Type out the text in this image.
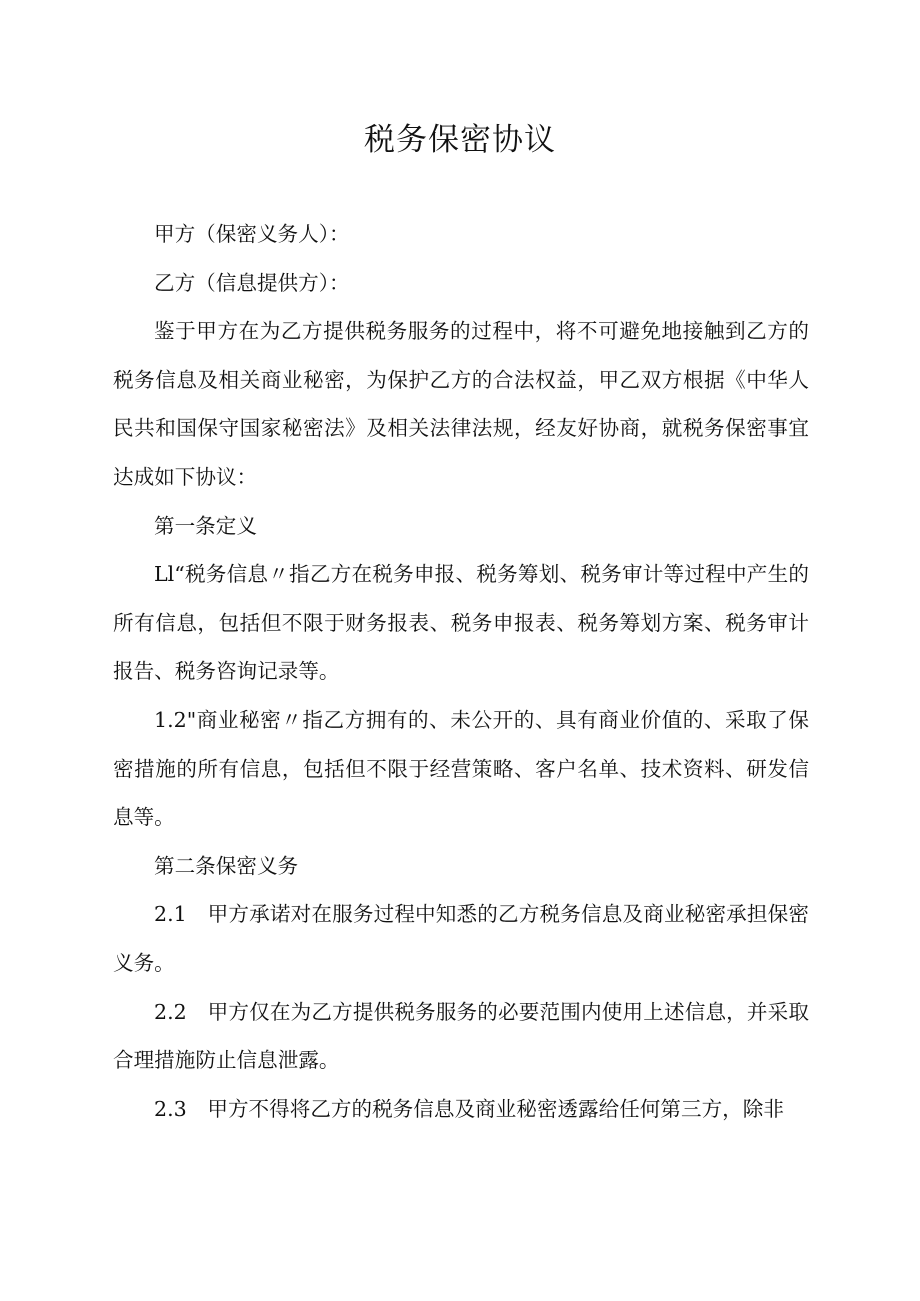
税务保密协议

甲方（保密义务人）：

乙方（信息提供方）：

鉴于甲方在为乙方提供税务服务的过程中，将不可避免地接触到乙方的税务信息及相关商业秘密，为保护乙方的合法权益，甲乙双方根据《中华人民共和国保守国家秘密法》及相关法律法规，经友好协商，就税务保密事宜达成如下协议：

第一条定义

Ll“税务信息〃指乙方在税务申报、税务筹划、税务审计等过程中产生的所有信息，包括但不限于财务报表、税务申报表、税务筹划方案、税务审计报告、税务咨询记录等。

1.2"商业秘密〃指乙方拥有的、未公开的、具有商业价值的、采取了保密措施的所有信息，包括但不限于经营策略、客户名单、技术资料、研发信息等。

第二条保密义务

2.1　甲方承诺对在服务过程中知悉的乙方税务信息及商业秘密承担保密义务。

2.2　甲方仅在为乙方提供税务服务的必要范围内使用上述信息，并采取合理措施防止信息泄露。

2.3　甲方不得将乙方的税务信息及商业秘密透露给任何第三方，除非
